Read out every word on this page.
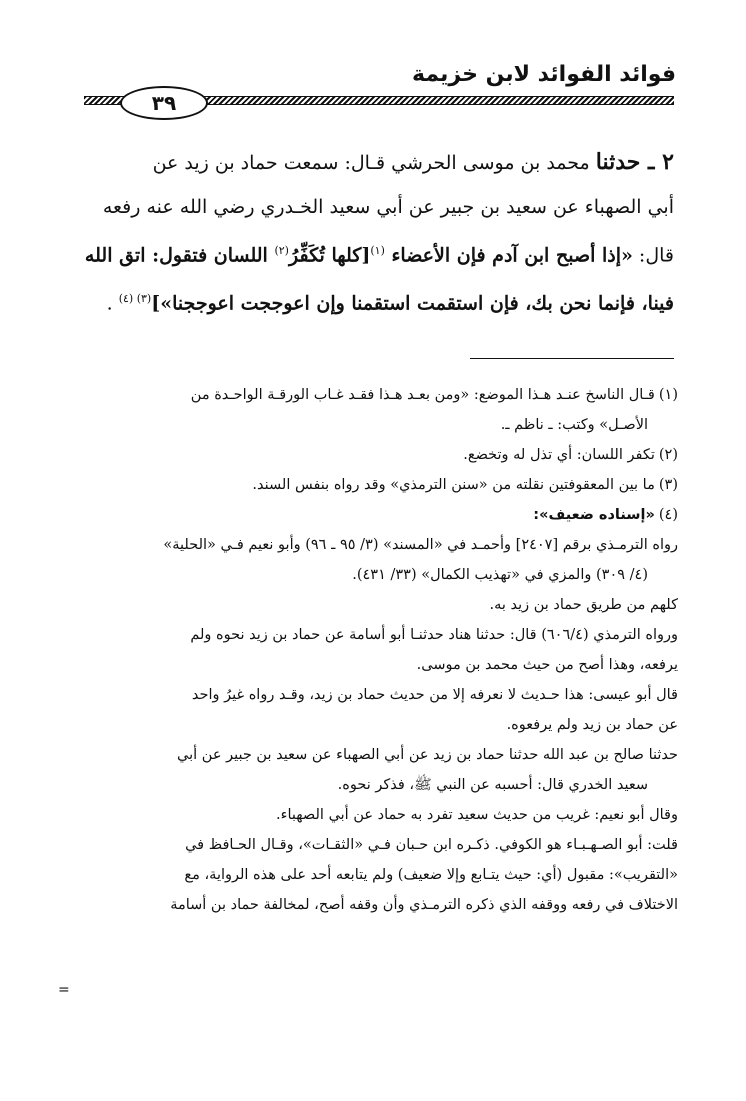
فوائد الفوائد لابن خزيمة
٣٩
٢ ـ حدثنا محمد بن موسى الحرشي قـال: سمعت حماد بن زيد عن
أبي الصهباء عن سعيد بن جبير عن أبي سعيد الخـدري رضي الله عنه رفعه
قال: «إذا أصبح ابن آدم فإن الأعضاء $^{(١)}$[كلها تُكَفِّرُ$^{(٢)}$ اللسان فتقول: اتق الله
فينا، فإنما نحن بك، فإن استقمت استقمنا وإن اعوججت اعوججنا»]$^{(٣) (٤)}$ .

(١)قـال الناسخ عنـد هـذا الموضع: «ومن بعـد هـذا فقـد غـاب الورقـة الواحـدة من

الأصـل» وكتب: ـ ناظم ـ.

(٢)تكفر اللسان: أي تذل له وتخضع.

(٣)ما بين المعقوفتين نقلته من «سنن الترمذي» وقد رواه بنفس السند.

(٤)«إسناده ضعيف»:

رواه الترمـذي برقم [٢٤٠٧] وأحمـد في «المسند» (٣/ ٩٥ ـ ٩٦) وأبو نعيم فـي «الحلية»

(٤/ ٣٠٩) والمزي في «تهذيب الكمال» (٣٣/ ٤٣١).

كلهم من طريق حماد بن زيد به.

ورواه الترمذي (٦٠٦/٤) قال: حدثنا هناد حدثنـا أبو أسامة عن حماد بن زيد نحوه ولم

يرفعه، وهذا أصح من حيث محمد بن موسى.

قال أبو عيسى: هذا حـديث لا نعرفه إلا من حديث حماد بن زيد، وقـد رواه غيرُ واحد

عن حماد بن زيد ولم يرفعوه.

حدثنا صالح بن عبد الله حدثنا حماد بن زيد عن أبي الصهباء عن سعيد بن جبير عن أبي

سعيد الخدري قال: أحسبه عن النبي ﷺ، فذكر نحوه.

وقال أبو نعيم: غريب من حديث سعيد تفرد به حماد عن أبي الصهباء.

قلت: أبو الصـهـبـاء هو الكوفي. ذكـره ابن حـبان فـي «الثقـات»، وقـال الحـافظ في

«التقريب»: مقبول (أي: حيث يتـابع وإلا ضعيف) ولم يتابعه أحد على هذه الرواية، مع

الاختلاف في رفعه ووقفه الذي ذكره الترمـذي وأن وقفه أصح، لمخالفة حماد بن أسامة

=
